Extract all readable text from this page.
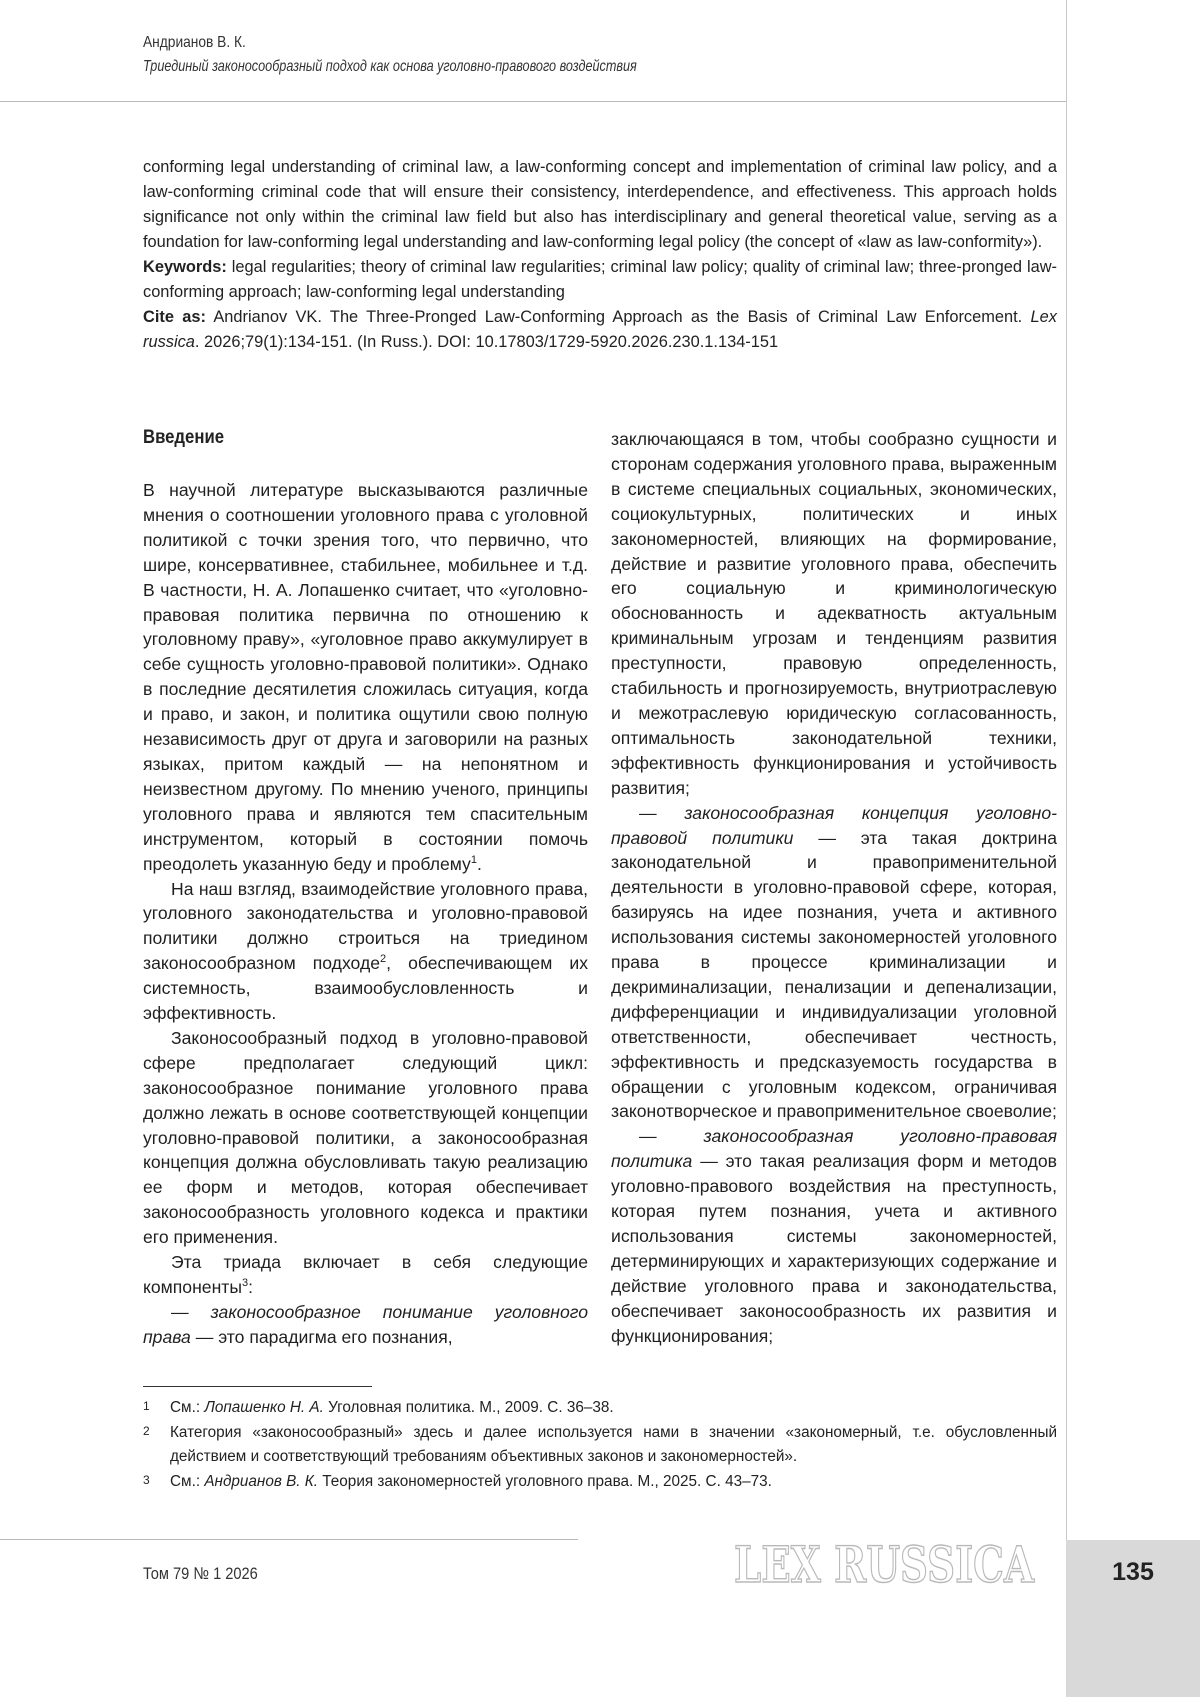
Андрианов В. К.
Триединый законосообразный подход как основа уголовно-правового воздействия

conforming legal understanding of criminal law, a law-conforming concept and implementation of criminal law policy, and a law-conforming criminal code that will ensure their consistency, interdependence, and effectiveness. This approach holds significance not only within the criminal law field but also has interdisciplinary and general theoretical value, serving as a foundation for law-conforming legal understanding and law-conforming legal policy (the concept of «law as law-conformity»).

Keywords: legal regularities; theory of criminal law regularities; criminal law policy; quality of criminal law; three-pronged law-conforming approach; law-conforming legal understanding

Cite as: Andrianov VK. The Three-Pronged Law-Conforming Approach as the Basis of Criminal Law Enforcement. Lex russica. 2026;79(1):134-151. (In Russ.). DOI: 10.17803/1729-5920.2026.230.1.134-151

Введение

В научной литературе высказываются различные мнения о соотношении уголовного права с уголовной политикой с точки зрения того, что первично, что шире, консервативнее, стабильнее, мобильнее и т.д. В частности, Н. А. Лопашенко считает, что «уголовно-правовая политика первична по отношению к уголовному праву», «уголовное право аккумулирует в себе сущность уголовно-правовой политики». Однако в последние десятилетия сложилась ситуация, когда и право, и закон, и политика ощутили свою полную независимость друг от друга и заговорили на разных языках, притом каждый — на непонятном и неизвестном другому. По мнению ученого, принципы уголовного права и являются тем спасительным инструментом, который в состоянии помочь преодолеть указанную беду и проблему$^1$.

На наш взгляд, взаимодействие уголовного права, уголовного законодательства и уголовно-правовой политики должно строиться на триедином законосообразном подходе$^2$, обеспечивающем их системность, взаимообусловленность и эффективность.

Законосообразный подход в уголовно-правовой сфере предполагает следующий цикл: законосообразное понимание уголовного права должно лежать в основе соответствующей концепции уголовно-правовой политики, а законосообразная концепция должна обусловливать такую реализацию ее форм и методов, которая обеспечивает законосообразность уголовного кодекса и практики его применения.

Эта триада включает в себя следующие компоненты$^3$:

— законосообразное понимание уголовного права — это парадигма его познания,

заключающаяся в том, чтобы сообразно сущности и сторонам содержания уголовного права, выраженным в системе специальных социальных, экономических, социокультурных, политических и иных закономерностей, влияющих на формирование, действие и развитие уголовного права, обеспечить его социальную и криминологическую обоснованность и адекватность актуальным криминальным угрозам и тенденциям развития преступности, правовую определенность, стабильность и прогнозируемость, внутриотраслевую и межотраслевую юридическую согласованность, оптимальность законодательной техники, эффективность функционирования и устойчивость развития;

— законосообразная концепция уголовно-правовой политики — эта такая доктрина законодательной и правоприменительной деятельности в уголовно-правовой сфере, которая, базируясь на идее познания, учета и активного использования системы закономерностей уголовного права в процессе криминализации и декриминализации, пенализации и депенализации, дифференциации и индивидуализации уголовной ответственности, обеспечивает честность, эффективность и предсказуемость государства в обращении с уголовным кодексом, ограничивая законотворческое и правоприменительное своеволие;

— законосообразная уголовно-правовая политика — это такая реализация форм и методов уголовно-правового воздействия на преступность, которая путем познания, учета и активного использования системы закономерностей, детерминирующих и характеризующих содержание и действие уголовного права и законодательства, обеспечивает законосообразность их развития и функционирования;

1	См.: Лопашенко Н. А. Уголовная политика. М., 2009. С. 36–38.
2	Категория «законосообразный» здесь и далее используется нами в значении «закономерный, т.е. обусловленный действием и соответствующий требованиям объективных законов и закономерностей».
3	См.: Андрианов В. К. Теория закономерностей уголовного права. М., 2025. С. 43–73.
Том 79 № 1 2026	LEX RUSSICA	135
